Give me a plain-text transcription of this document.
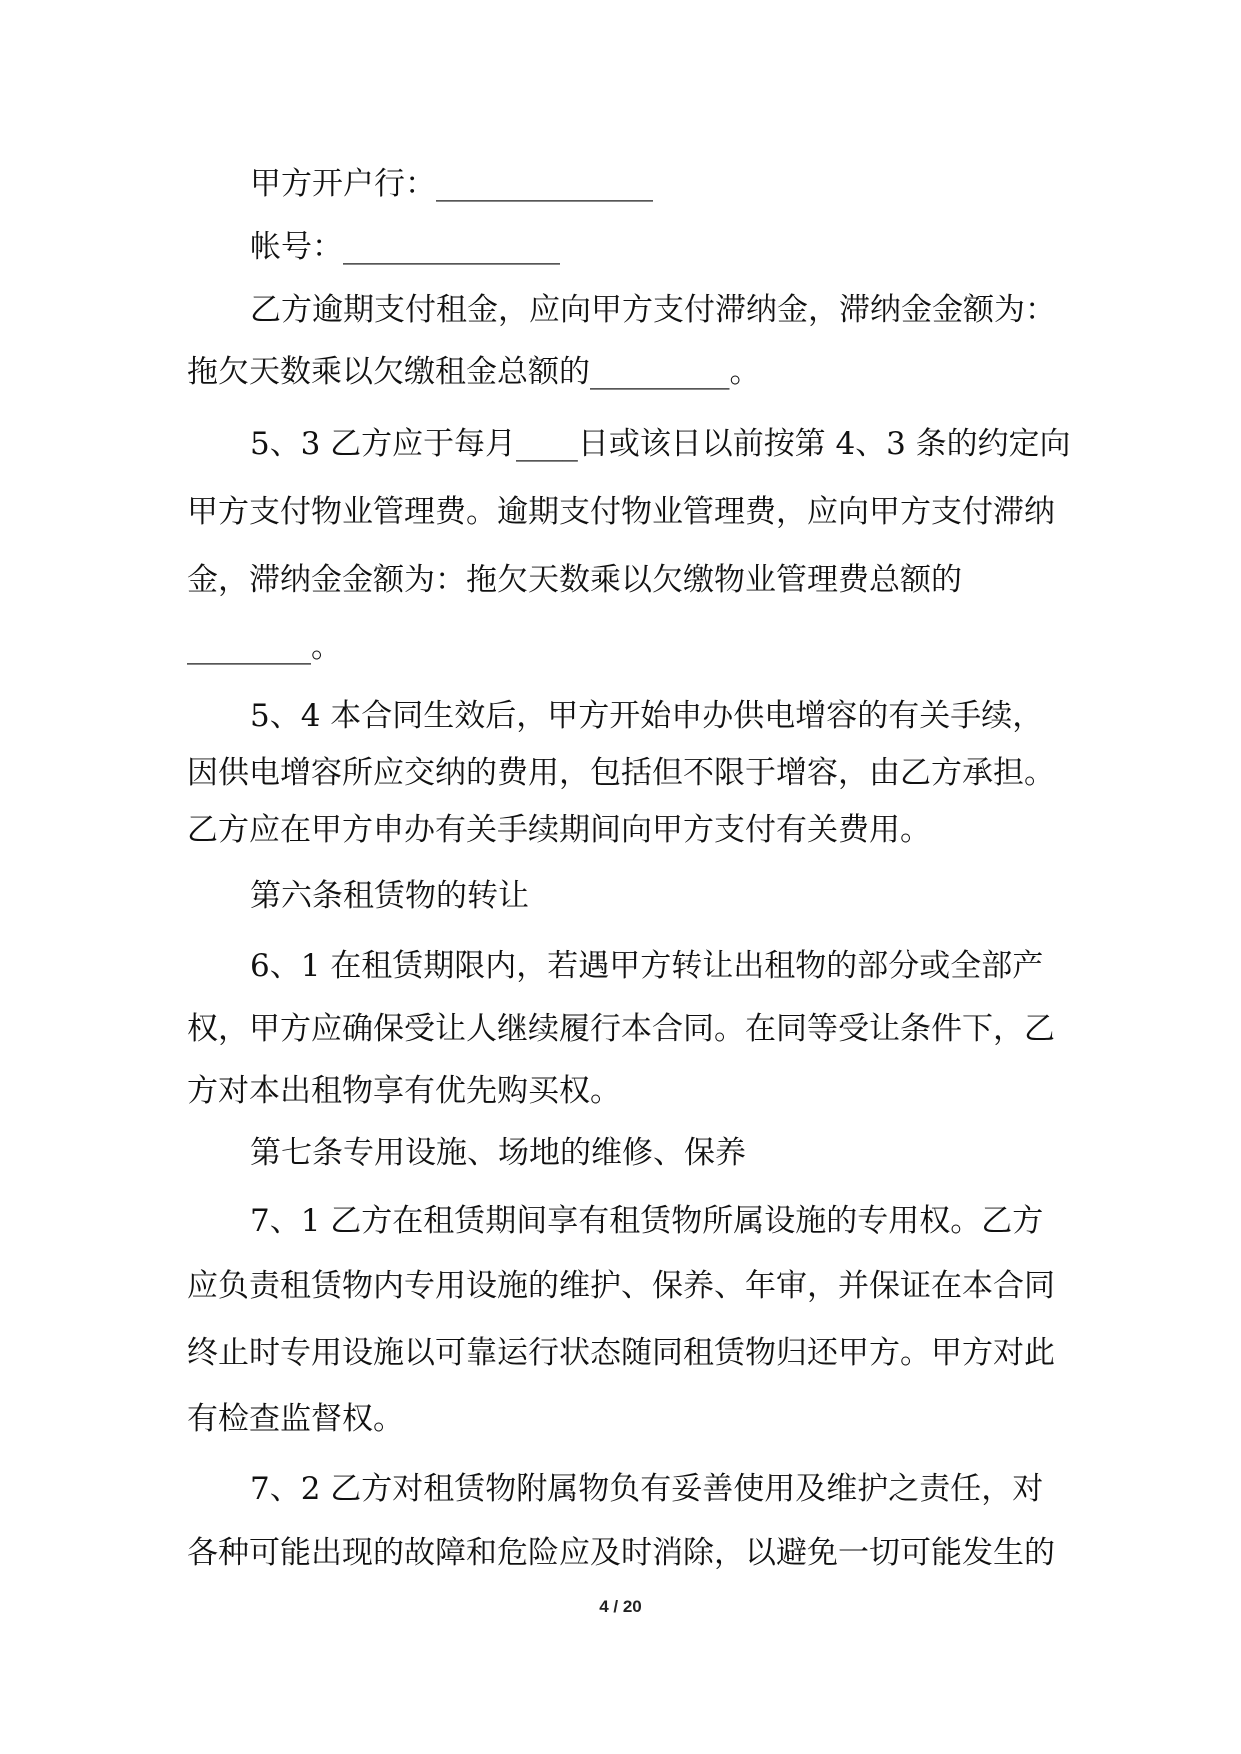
甲方开户行：______________
帐号：______________
乙方逾期支付租金，应向甲方支付滞纳金，滞纳金金额为：
拖欠天数乘以欠缴租金总额的_________。
5、3 乙方应于每月____日或该日以前按第 4、3 条的约定向
甲方支付物业管理费。逾期支付物业管理费，应向甲方支付滞纳
金，滞纳金金额为：拖欠天数乘以欠缴物业管理费总额的
________。
5、4 本合同生效后，甲方开始申办供电增容的有关手续，
因供电增容所应交纳的费用，包括但不限于增容，由乙方承担。
乙方应在甲方申办有关手续期间向甲方支付有关费用。
第六条租赁物的转让
6、1 在租赁期限内，若遇甲方转让出租物的部分或全部产
权，甲方应确保受让人继续履行本合同。在同等受让条件下，乙
方对本出租物享有优先购买权。
第七条专用设施、场地的维修、保养
7、1 乙方在租赁期间享有租赁物所属设施的专用权。乙方
应负责租赁物内专用设施的维护、保养、年审，并保证在本合同
终止时专用设施以可靠运行状态随同租赁物归还甲方。甲方对此
有检查监督权。
7、2 乙方对租赁物附属物负有妥善使用及维护之责任，对
各种可能出现的故障和危险应及时消除，以避免一切可能发生的
4 / 20
